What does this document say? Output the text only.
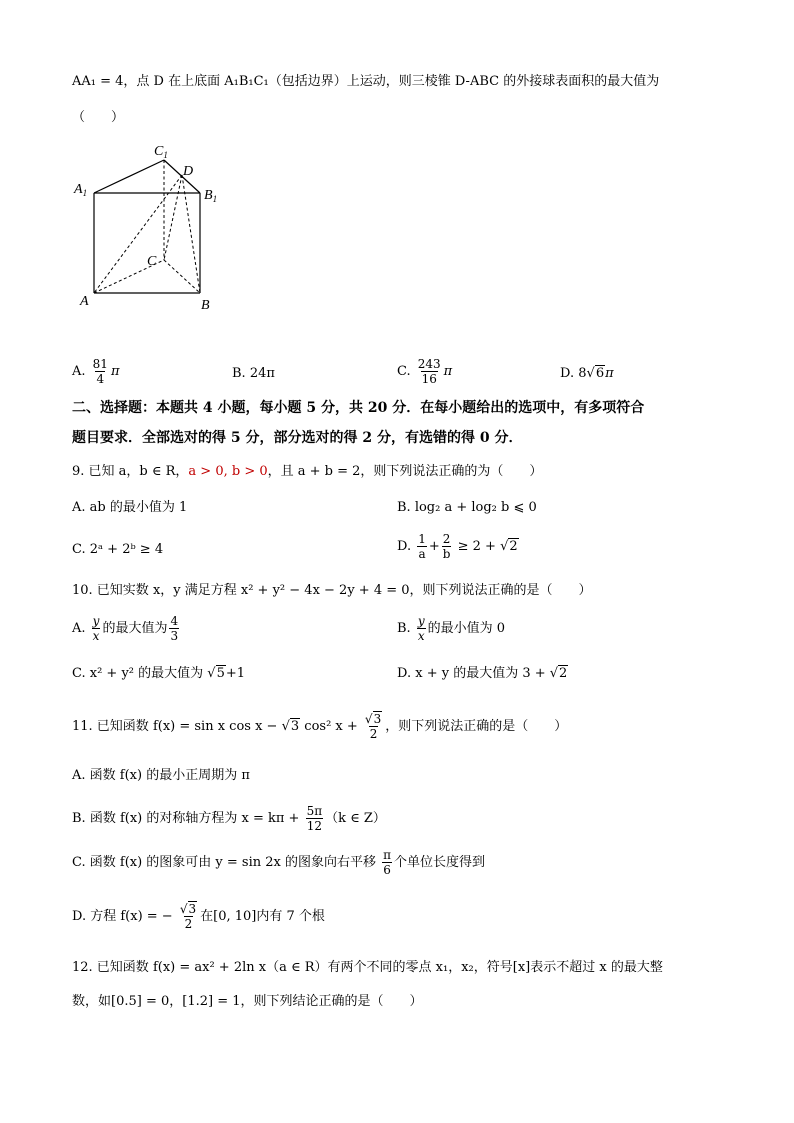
AA₁ = 4，点 D 在上底面 A₁B₁C₁（包括边界）上运动，则三棱锥 D-ABC 的外接球表面积的最大值为
（　　）
$C_1$
D
$A_1$	$B_1$
C
A	B
A. $\frac{81}{4}$ π	B. 24π	C. $\frac{243}{16}$ π	D. 8√6π
二、选择题：本题共 4 小题，每小题 5 分，共 20 分．在每小题给出的选项中，有多项符合
题目要求．全部选对的得 5 分，部分选对的得 2 分，有选错的得 0 分．
9. 已知 a，b ∈ R，a > 0, b > 0，且 a + b = 2，则下列说法正确的为（　　）
A. ab 的最小值为 1	B. log₂ a + log₂ b ⩽ 0
C. 2ᵃ + 2ᵇ ≥ 4	D. $\frac{1}{a} + \frac{2}{b} \ge 2 + √2$
10. 已知实数 x，y 满足方程 x² + y² − 4x − 2y + 4 = 0，则下列说法正确的是（　　）
A. $\frac{y}{x}$ 的最大值为 $\frac{4}{3}$	B. $\frac{y}{x}$ 的最小值为 0
C. x² + y² 的最大值为 √5+1	D. x + y 的最大值为 3 + √2
11. 已知函数 f(x) = sin x cos x − √3 cos² $x + \frac{√3}{2}$ ，则下列说法正确的是（　　）
A. 函数 f(x) 的最小正周期为 π
B. 函数 f(x) 的对称轴方程为 $x = k\pi + \frac{5\pi}{12} (k$ ∈ Z）
C. 函数 f(x) 的图象可由 y = sin 2x 的图象向右平移 $\frac{\pi}{6}$ 个单位长度得到
D. 方程 f(x) = − $\frac{√3}{2}$ 在[0, 10]内有 7 个根
12. 已知函数 f(x) = ax² + 2ln x（a ∈ R）有两个不同的零点 x₁，x₂，符号[x]表示不超过 x 的最大整
数，如[0.5] = 0，[1.2] = 1，则下列结论正确的是（　　）
